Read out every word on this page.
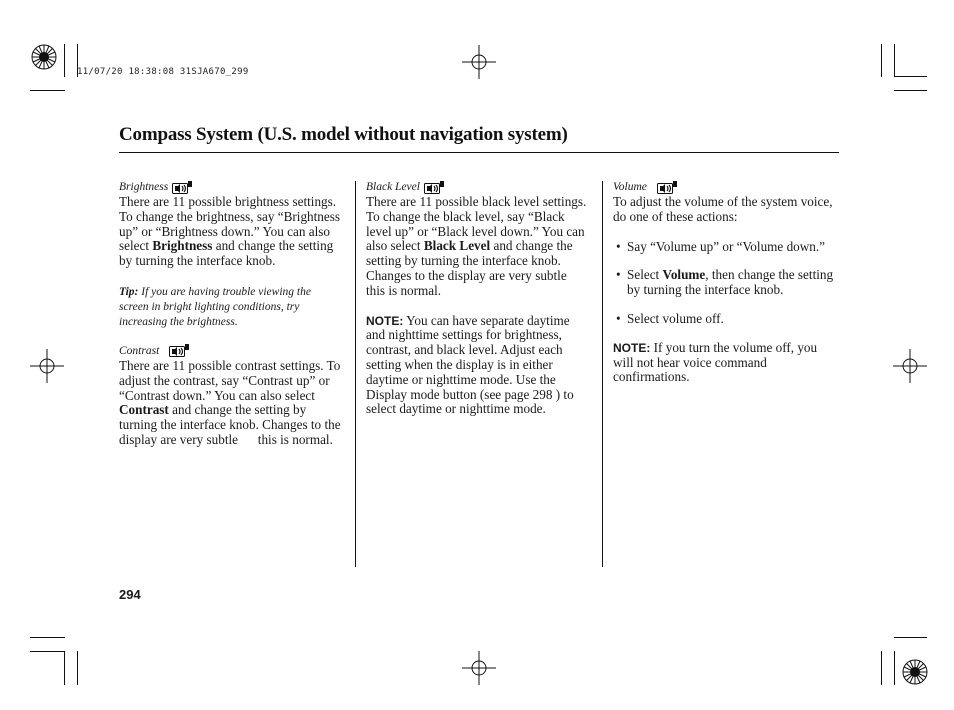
11/07/20 18:38:08 31SJA670_299
Compass System (U.S. model without navigation system)
Brightness

There are 11 possible brightness settings. To change the brightness, say “Brightness up” or “Brightness down.” You can also select Brightness and change the setting by turning the interface knob.

Tip: If you are having trouble viewing the screen in bright lighting conditions, try increasing the brightness.

Contrast

There are 11 possible contrast settings. To adjust the contrast, say “Contrast up” or “Contrast down.” You can also select Contrast and change the setting by turning the interface knob. Changes to the display are very subtle      this is normal.

Black Level

There are 11 possible black level settings. To change the black level, say “Black level up” or “Black level down.” You can also select Black Level and change the setting by turning the interface knob. Changes to the display are very subtle      this is normal.

NOTE: You can have separate daytime and nighttime settings for brightness, contrast, and black level. Adjust each setting when the display is in either daytime or nighttime mode. Use the Display mode button (see page 298 ) to select daytime or nighttime mode.

Volume

To adjust the volume of the system voice, do one of these actions:

• Say “Volume up” or “Volume down.”
• Select Volume, then change the setting by turning the interface knob.
• Select volume off.

NOTE: If you turn the volume off, you will not hear voice command confirmations.

294
